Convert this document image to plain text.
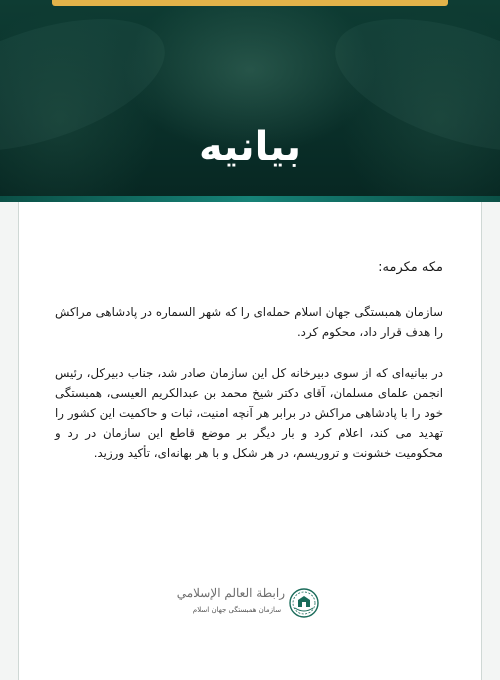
بیانیه

مکه مکرمه:

سازمان همبستگی جهان اسلام حمله‌ای را که شهر السماره در پادشاهی مراکش را هدف قرار داد، محکوم کرد.

در بیانیه‌ای که از سوی دبیرخانه کل این سازمان صادر شد، جناب دبیرکل، رئیس انجمن علمای مسلمان، آقای دکتر شیخ محمد بن عبدالکریم العیسی، همبستگی خود را با پادشاهی مراکش در برابر هر آنچه امنیت، ثبات و حاکمیت این کشور را تهدید می کند، اعلام کرد و بار دیگر بر موضع قاطع این سازمان در رد و محکومیت خشونت و تروریسم، در هر شکل و با هر بهانه‌ای، تأکید ورزید.

رابطة العالم الإسلامي
سازمان همبستگی جهان اسلام
